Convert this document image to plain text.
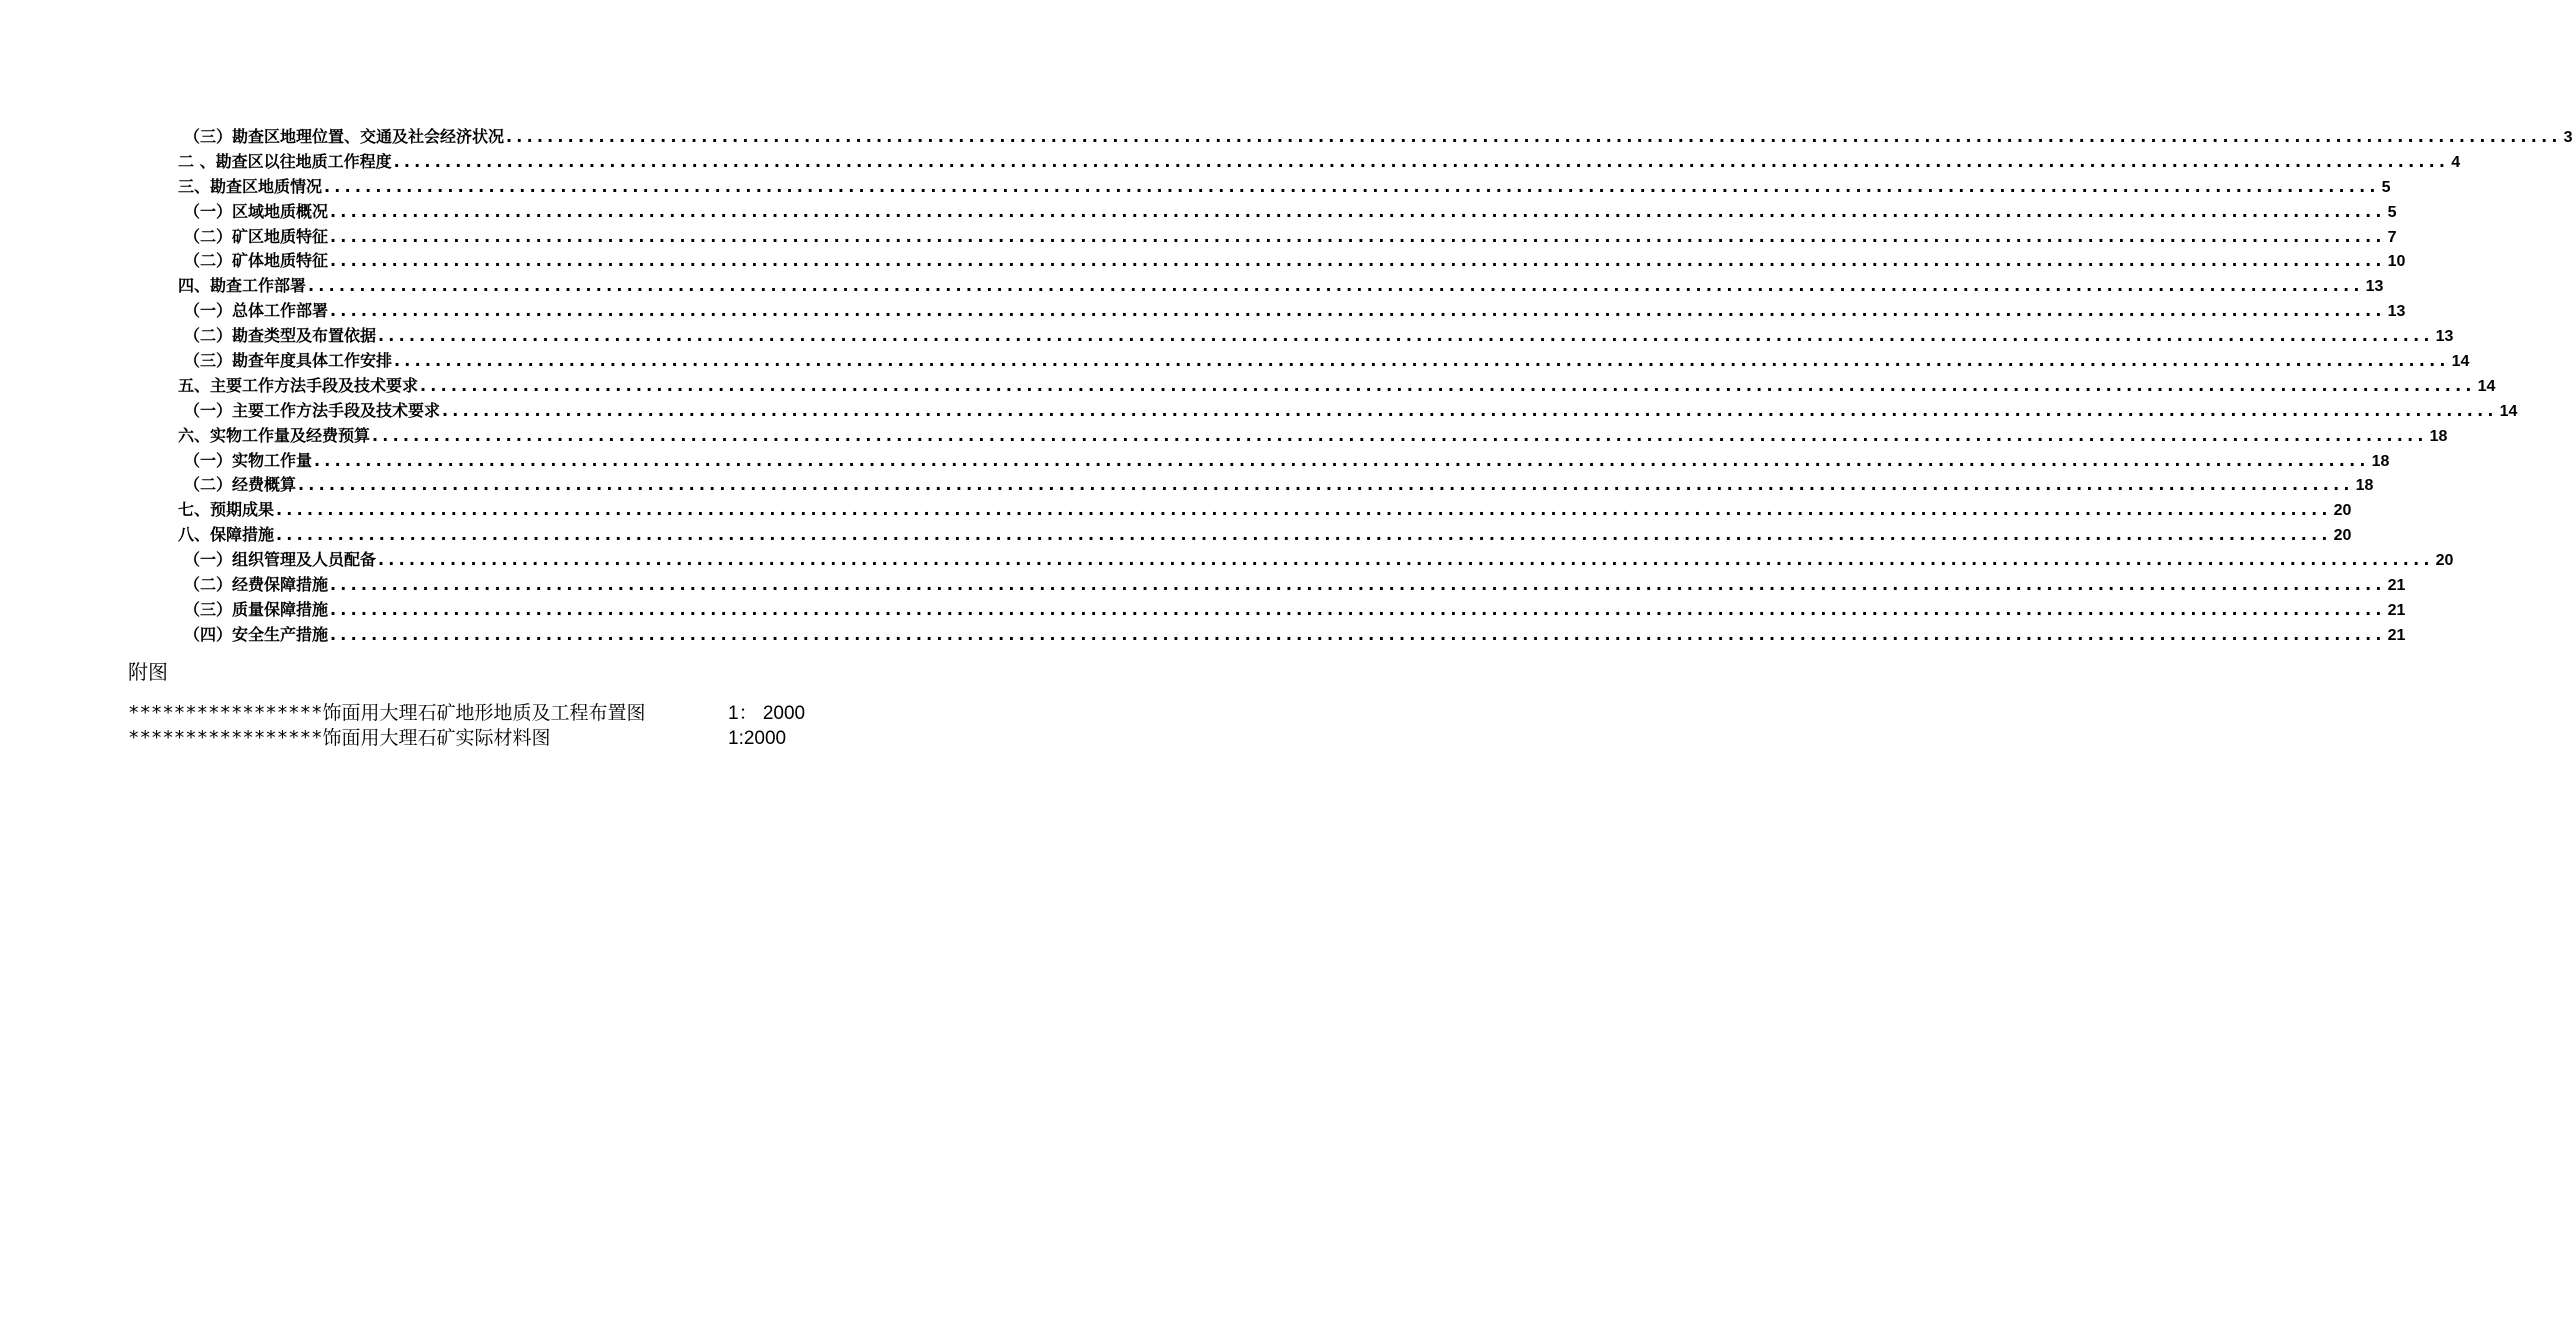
（三）勘查区地理位置、交通及社会经济状况 ........................................................................................................................................................................................................ 3
二 、勘查区以往地质工作程度 ........................................................................................................................................................................................................ 4
三、勘查区地质情况 ........................................................................................................................................................................................................ 5
（一）区域地质概况 ........................................................................................................................................................................................................ 5
（二）矿区地质特征 ........................................................................................................................................................................................................ 7
（二）矿体地质特征 ........................................................................................................................................................................................................ 10
四、勘查工作部署 ........................................................................................................................................................................................................ 13
（一）总体工作部署 ........................................................................................................................................................................................................ 13
（二）勘查类型及布置依据 ........................................................................................................................................................................................................ 13
（三）勘查年度具体工作安排 ........................................................................................................................................................................................................ 14
五、主要工作方法手段及技术要求 ........................................................................................................................................................................................................ 14
（一）主要工作方法手段及技术要求 ........................................................................................................................................................................................................ 14
六、实物工作量及经费预算 ........................................................................................................................................................................................................ 18
（一）实物工作量 ........................................................................................................................................................................................................ 18
（二）经费概算 ........................................................................................................................................................................................................ 18
七、预期成果 ........................................................................................................................................................................................................ 20
八、保障措施 ........................................................................................................................................................................................................ 20
（一）组织管理及人员配备 ........................................................................................................................................................................................................ 20
（二）经费保障措施 ........................................................................................................................................................................................................ 21
（三）质量保障措施 ........................................................................................................................................................................................................ 21
（四）安全生产措施 ........................................................................................................................................................................................................ 21
附图
*****************饰面用大理石矿地形地质及工程布置图	1： 2000
*****************饰面用大理石矿实际材料图	1:2000
